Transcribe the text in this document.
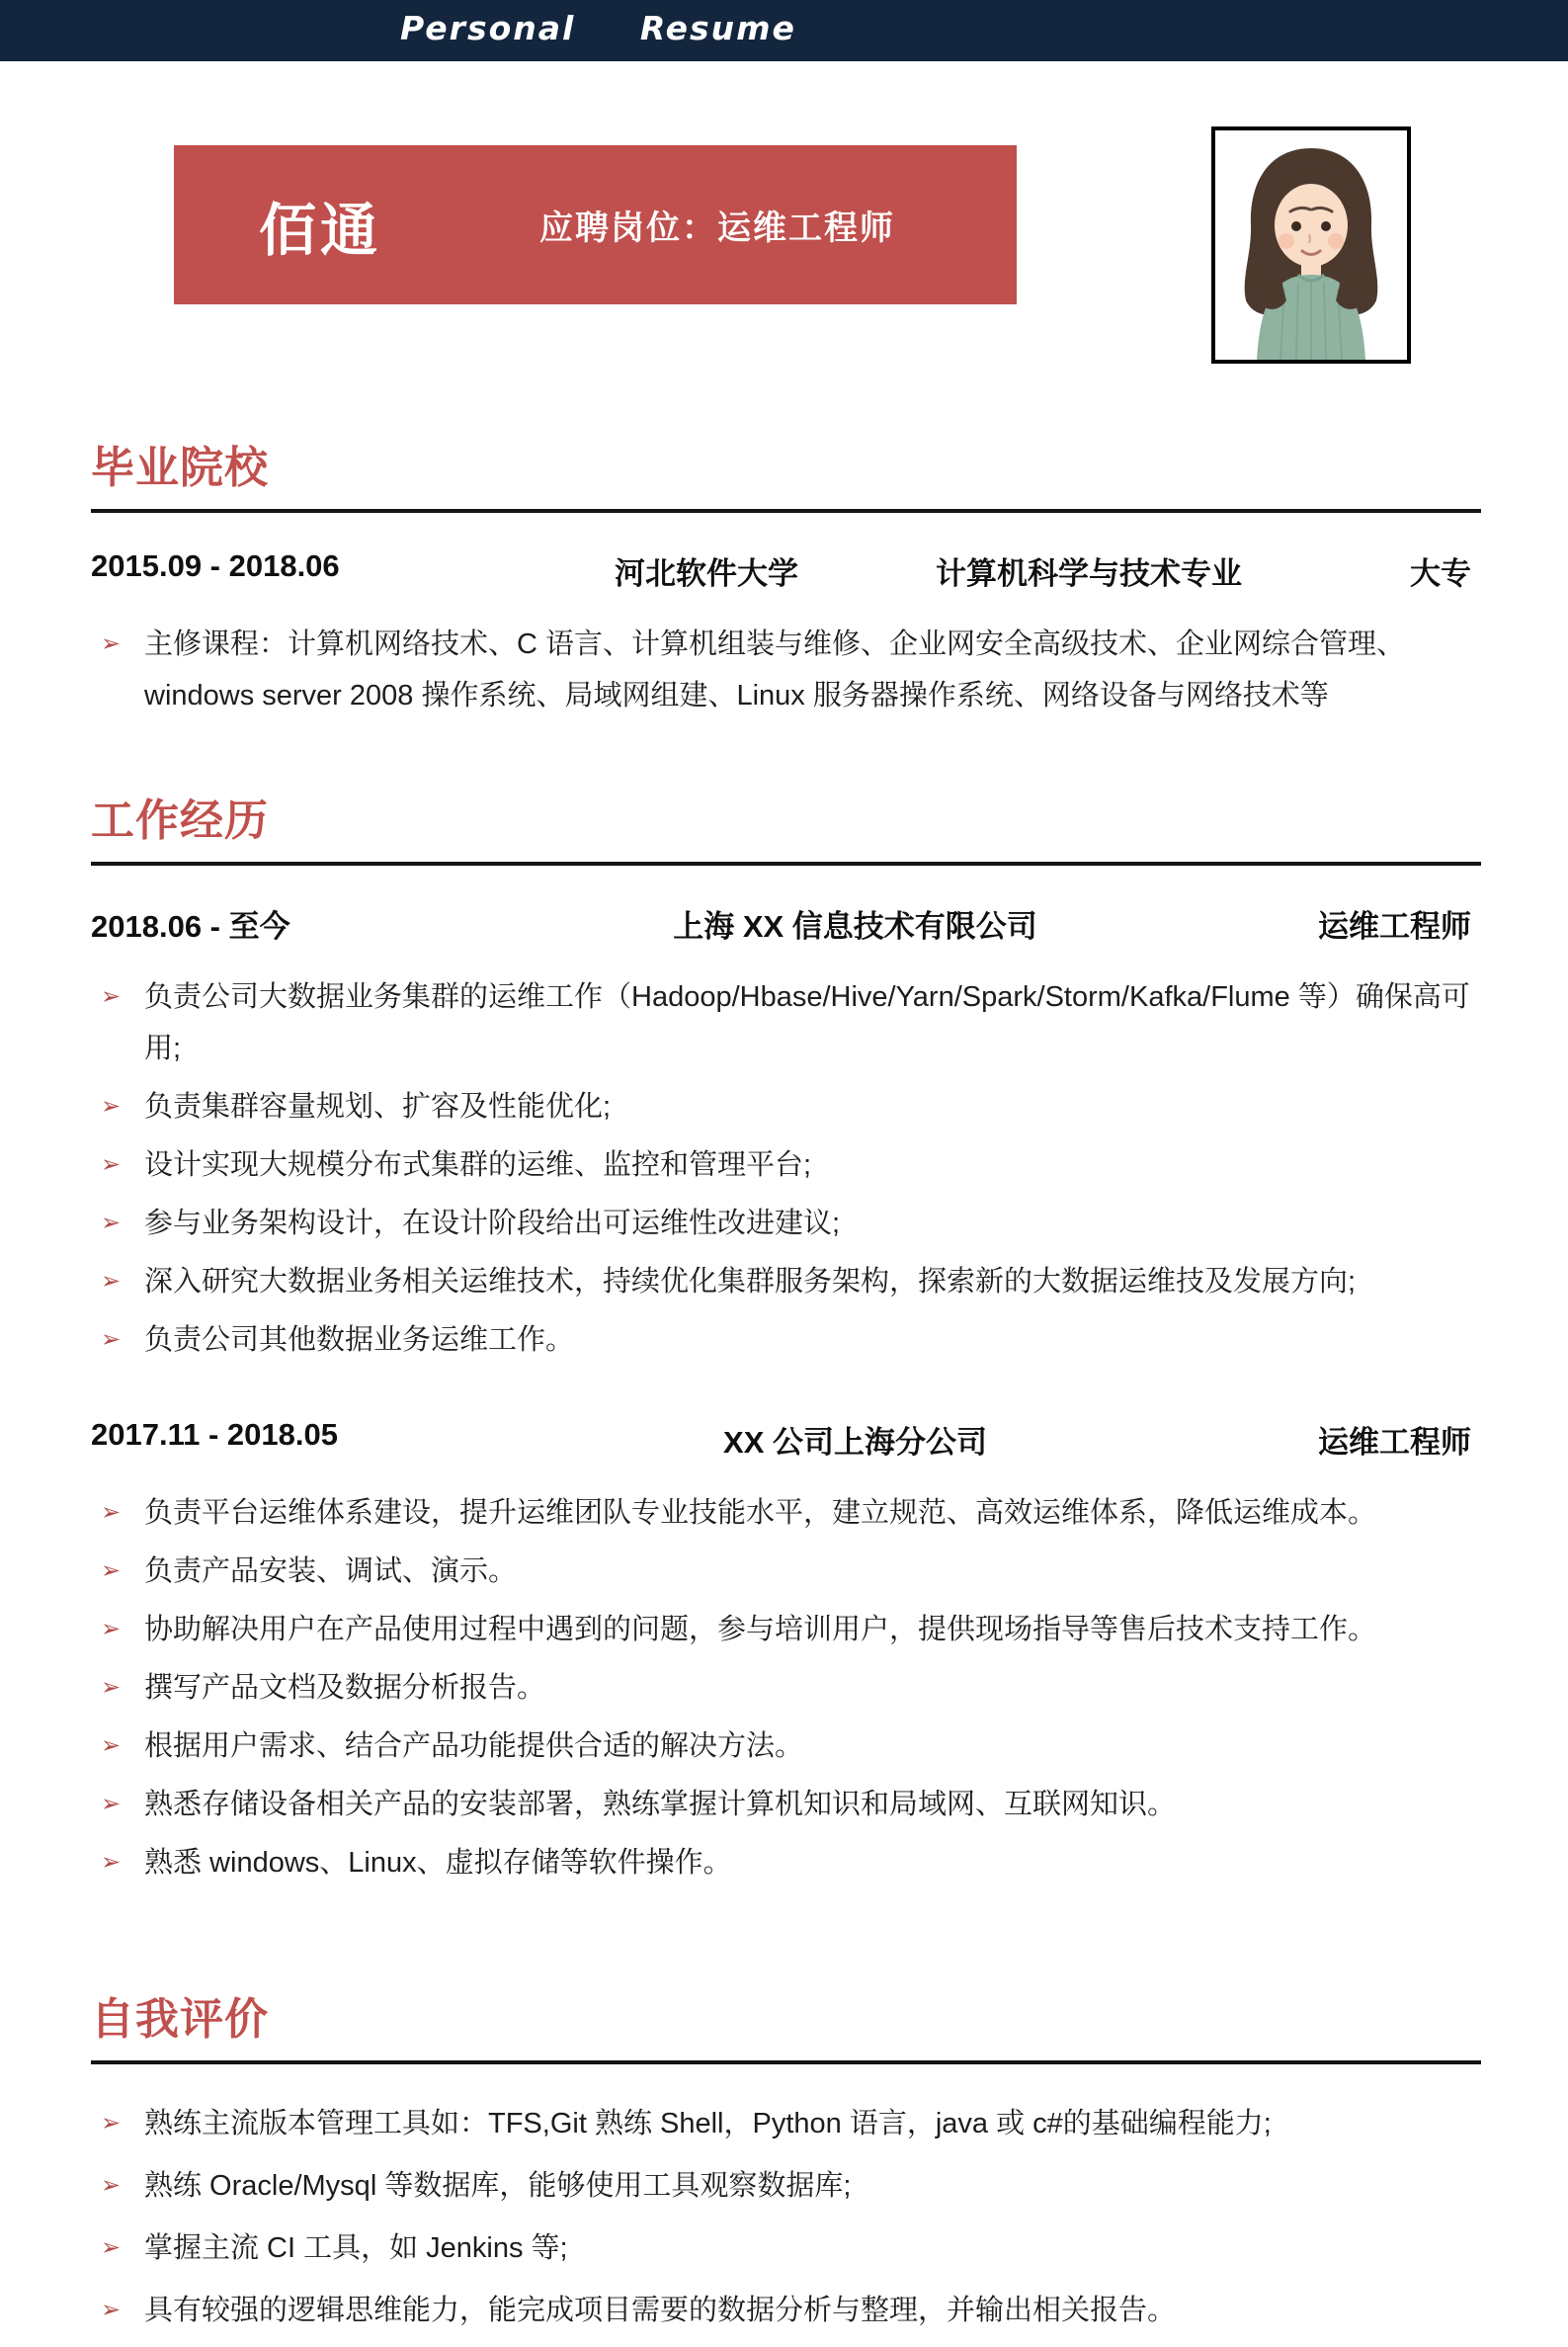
Personal Resume
佰通	应聘岗位：运维工程师
毕业院校
2015.09 - 2018.06	河北软件大学	计算机科学与技术专业	大专
➢ 主修课程：计算机网络技术、C 语言、计算机组装与维修、企业网安全高级技术、企业网综合管理、windows server 2008 操作系统、局域网组建、Linux 服务器操作系统、网络设备与网络技术等
工作经历
2018.06 - 至今	上海 XX 信息技术有限公司	运维工程师
➢ 负责公司大数据业务集群的运维工作（Hadoop/Hbase/Hive/Yarn/Spark/Storm/Kafka/Flume 等）确保高可用;
➢ 负责集群容量规划、扩容及性能优化;
➢ 设计实现大规模分布式集群的运维、监控和管理平台;
➢ 参与业务架构设计，在设计阶段给出可运维性改进建议;
➢ 深入研究大数据业务相关运维技术，持续优化集群服务架构，探索新的大数据运维技及发展方向;
➢ 负责公司其他数据业务运维工作。
2017.11 - 2018.05	XX 公司上海分公司	运维工程师
➢ 负责平台运维体系建设，提升运维团队专业技能水平，建立规范、高效运维体系，降低运维成本。
➢ 负责产品安装、调试、演示。
➢ 协助解决用户在产品使用过程中遇到的问题，参与培训用户，提供现场指导等售后技术支持工作。
➢ 撰写产品文档及数据分析报告。
➢ 根据用户需求、结合产品功能提供合适的解决方法。
➢ 熟悉存储设备相关产品的安装部署，熟练掌握计算机知识和局域网、互联网知识。
➢ 熟悉 windows、Linux、虚拟存储等软件操作。
自我评价
➢ 熟练主流版本管理工具如：TFS,Git 熟练 Shell，Python 语言，java 或 c#的基础编程能力;
➢ 熟练 Oracle/Mysql 等数据库，能够使用工具观察数据库;
➢ 掌握主流 CI 工具，如 Jenkins 等;
➢ 具有较强的逻辑思维能力，能完成项目需要的数据分析与整理，并输出相关报告。
